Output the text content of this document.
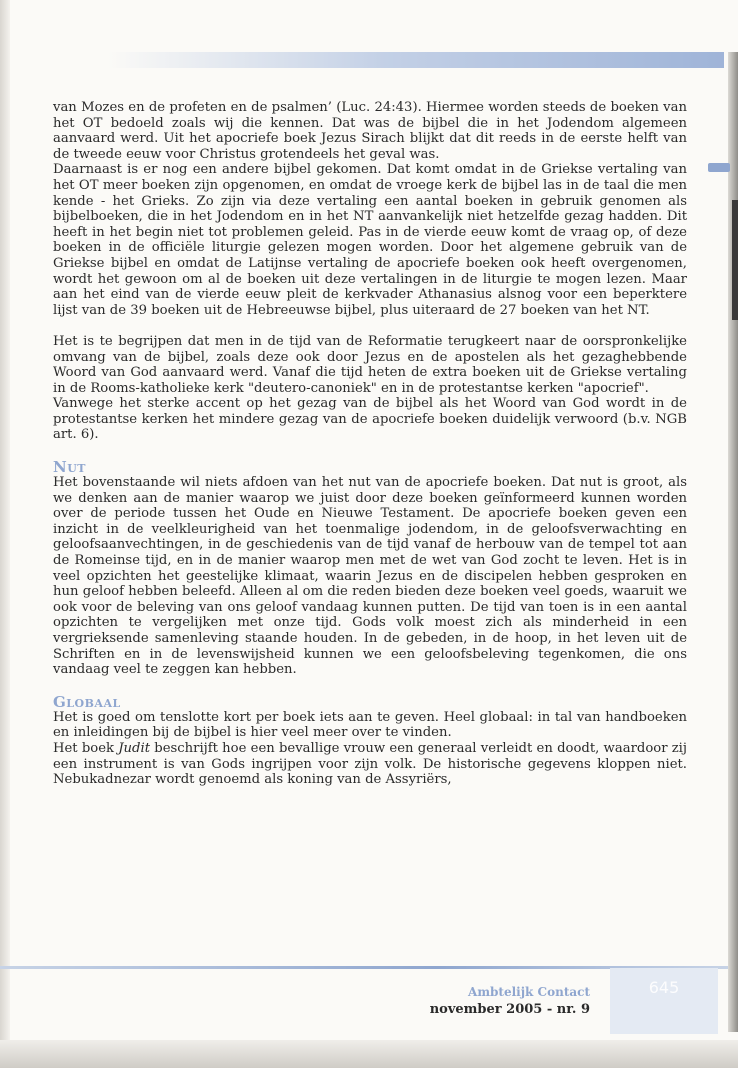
van Mozes en de profeten en de psalmen’ (Luc. 24:43). Hiermee worden steeds de boeken van het OT bedoeld zoals wij die kennen. Dat was de bijbel die in het Jodendom algemeen aanvaard werd. Uit het apocriefe boek Jezus Sirach blijkt dat dit reeds in de eerste helft van de tweede eeuw voor Christus grotendeels het geval was.

Daarnaast is er nog een andere bijbel gekomen. Dat komt omdat in de Griekse vertaling van het OT meer boeken zijn opgenomen, en omdat de vroege kerk de bijbel las in de taal die men kende - het Grieks. Zo zijn via deze vertaling een aantal boeken in gebruik genomen als bijbelboeken, die in het Jodendom en in het NT aanvankelijk niet hetzelfde gezag hadden. Dit heeft in het begin niet tot problemen geleid. Pas in de vierde eeuw komt de vraag op, of deze boeken in de officiële liturgie gelezen mogen worden. Door het algemene gebruik van de Griekse bijbel en omdat de Latijnse vertaling de apocriefe boeken ook heeft overgenomen, wordt het gewoon om al de boeken uit deze vertalingen in de liturgie te mogen lezen. Maar aan het eind van de vierde eeuw pleit de kerkvader Athanasius alsnog voor een beperktere lijst van de 39 boeken uit de Hebreeuwse bijbel, plus uiteraard de 27 boeken van het NT.

Het is te begrijpen dat men in de tijd van de Reformatie terugkeert naar de oorspronkelijke omvang van de bijbel, zoals deze ook door Jezus en de apostelen als het gezaghebbende Woord van God aanvaard werd. Vanaf die tijd heten de extra boeken uit de Griekse vertaling in de Rooms-katholieke kerk "deutero-canoniek" en in de protestantse kerken "apocrief".

Vanwege het sterke accent op het gezag van de bijbel als het Woord van God wordt in de protestantse kerken het mindere gezag van de apocriefe boeken duidelijk verwoord (b.v. NGB art. 6).

Nut

Het bovenstaande wil niets afdoen van het nut van de apocriefe boeken. Dat nut is groot, als we denken aan de manier waarop we juist door deze boeken geïnformeerd kunnen worden over de periode tussen het Oude en Nieuwe Testament. De apocriefe boeken geven een inzicht in de veelkleurigheid van het toenmalige jodendom, in de geloofsverwachting en geloofsaanvechtingen, in de geschiedenis van de tijd vanaf de herbouw van de tempel tot aan de Romeinse tijd, en in de manier waarop men met de wet van God zocht te leven. Het is in veel opzichten het geestelijke klimaat, waarin Jezus en de discipelen hebben gesproken en hun geloof hebben beleefd. Alleen al om die reden bieden deze boeken veel goeds, waaruit we ook voor de beleving van ons geloof vandaag kunnen putten. De tijd van toen is in een aantal opzichten te vergelijken met onze tijd. Gods volk moest zich als minderheid in een vergrieksende samenleving staande houden. In de gebeden, in de hoop, in het leven uit de Schriften en in de levenswijsheid kunnen we een geloofsbeleving tegenkomen, die ons vandaag veel te zeggen kan hebben.

Globaal

Het is goed om tenslotte kort per boek iets aan te geven. Heel globaal: in tal van handboeken en inleidingen bij de bijbel is hier veel meer over te vinden.

Het boek Judit beschrijft hoe een bevallige vrouw een generaal verleidt en doodt, waardoor zij een instrument is van Gods ingrijpen voor zijn volk. De historische gegevens kloppen niet. Nebukadnezar wordt genoemd als koning van de Assyriërs,

Ambtelijk Contact
november 2005 - nr. 9
645
